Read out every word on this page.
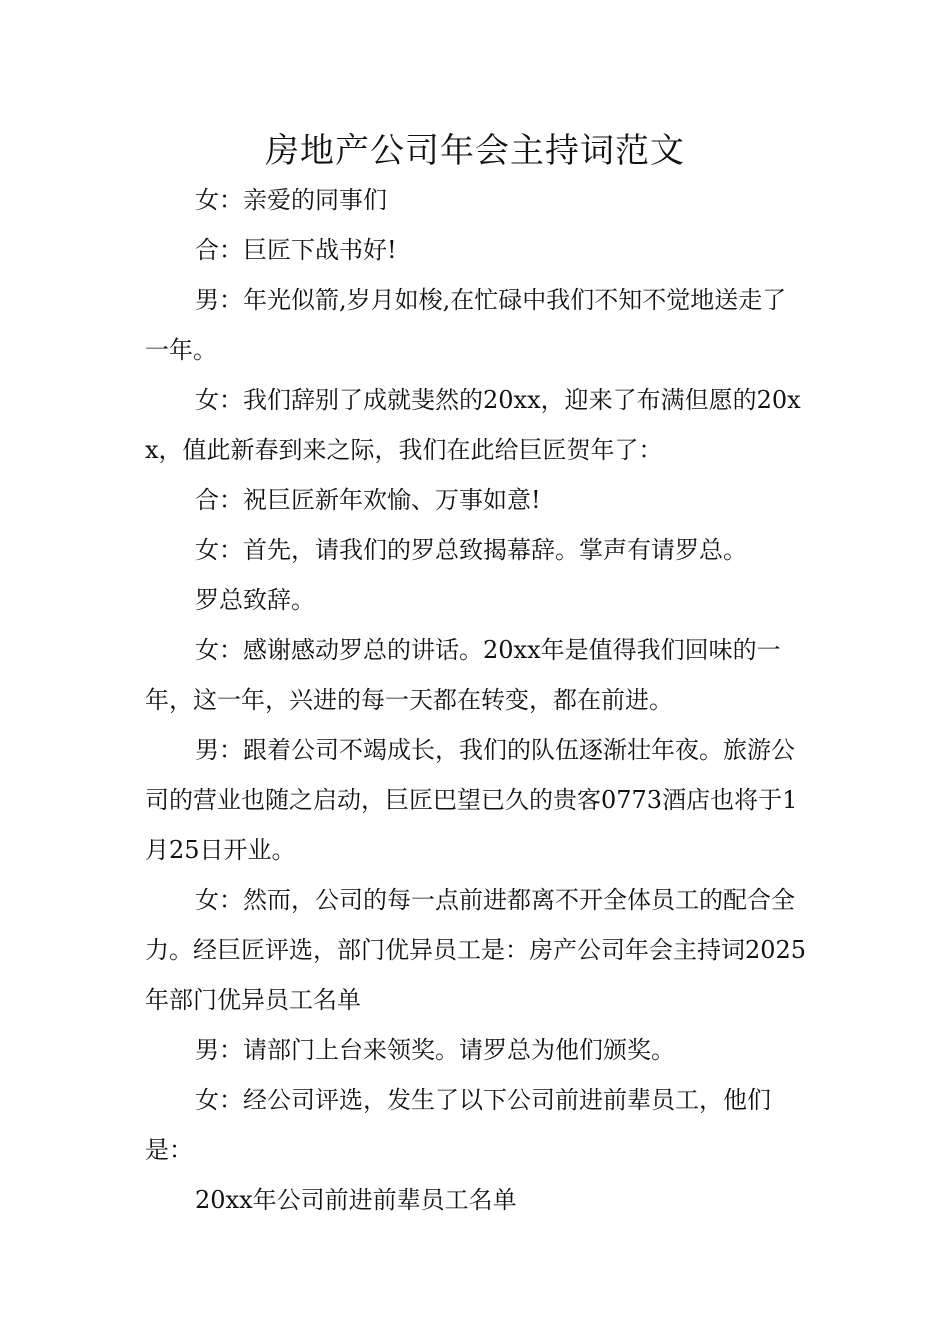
房地产公司年会主持词范文

女：亲爱的同事们

合：巨匠下战书好!

男：年光似箭,岁月如梭,在忙碌中我们不知不觉地送走了一年。

女：我们辞别了成就斐然的20xx，迎来了布满但愿的20xx，值此新春到来之际，我们在此给巨匠贺年了：

合：祝巨匠新年欢愉、万事如意!

女：首先，请我们的罗总致揭幕辞。掌声有请罗总。

罗总致辞。

女：感谢感动罗总的讲话。20xx年是值得我们回味的一年，这一年，兴进的每一天都在转变，都在前进。

男：跟着公司不竭成长，我们的队伍逐渐壮年夜。旅游公司的营业也随之启动，巨匠巴望已久的贵客0773酒店也将于1月25日开业。

女：然而，公司的每一点前进都离不开全体员工的配合全力。经巨匠评选，部门优异员工是：房产公司年会主持词2025年部门优异员工名单

男：请部门上台来领奖。请罗总为他们颁奖。

女：经公司评选，发生了以下公司前进前辈员工，他们是：

20xx年公司前进前辈员工名单
